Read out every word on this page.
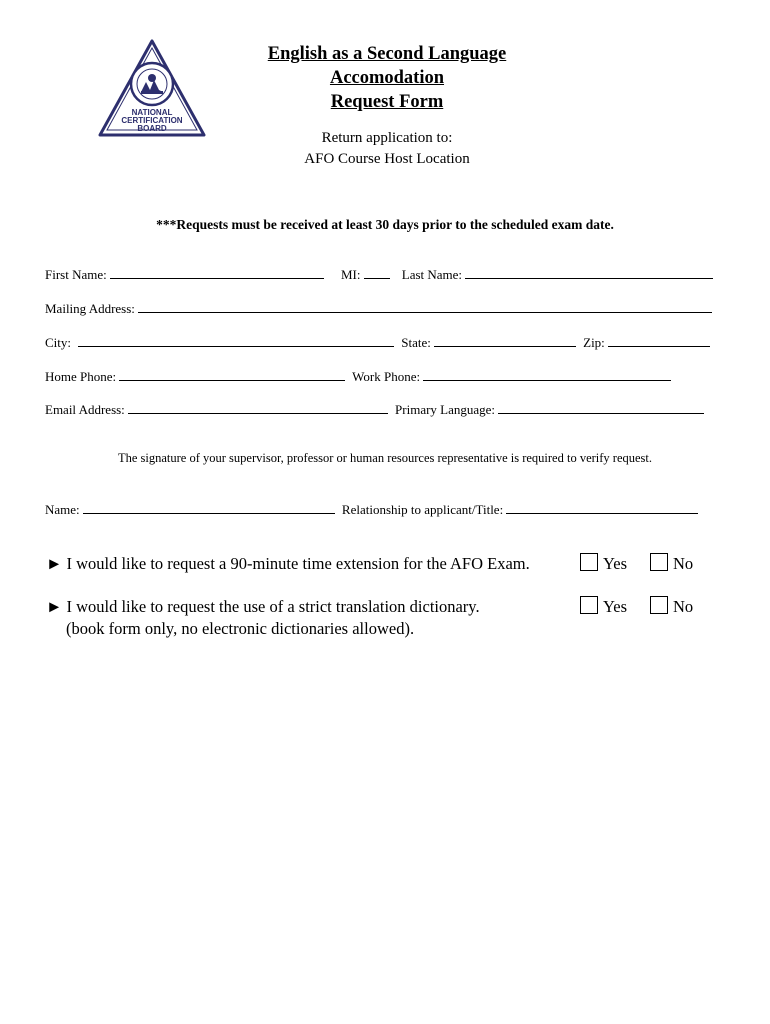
NATIONAL
CERTIFICATION
BOARD
English as a Second Language
Accomodation
Request Form
Return application to:
AFO Course Host Location
***Requests must be received at least 30 days prior to the scheduled exam date.
First Name:	MI:	Last Name:
Mailing Address:
City:	State:	Zip:
Home Phone:	Work Phone:
Email Address:	Primary Language:
The signature of your supervisor, professor or human resources representative is required to verify request.
Name:	Relationship to applicant/Title:
► I would like to request a 90-minute time extension for the AFO Exam.	Yes	No
► I would like to request the use of a strict translation dictionary.
(book form only, no electronic dictionaries allowed).
Yes	No
